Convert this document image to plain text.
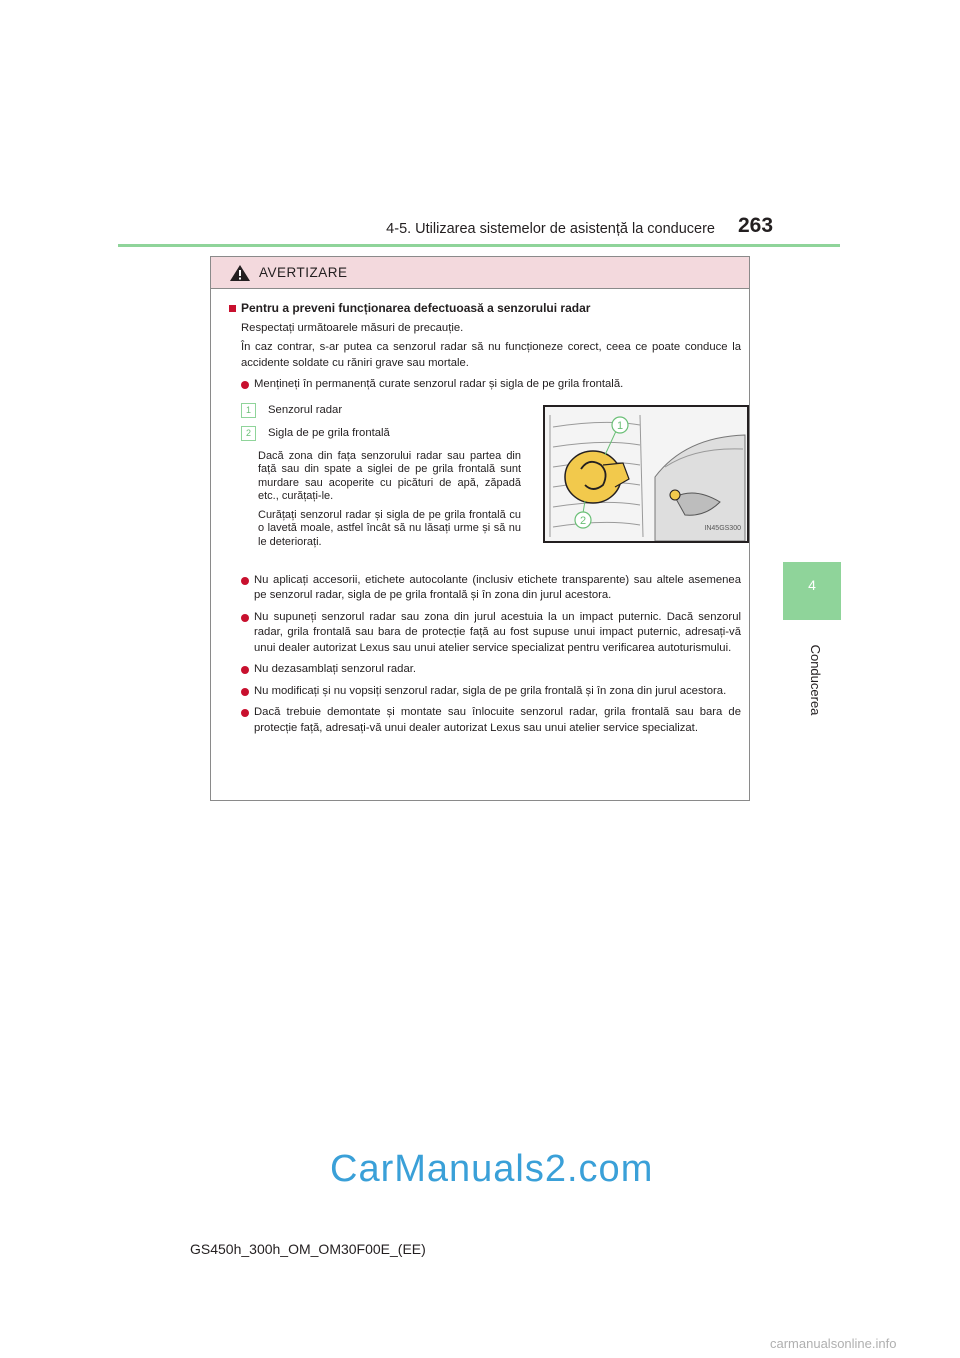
4-5. Utilizarea sistemelor de asistență la conducere 263
4
Conducerea
AVERTIZARE
Pentru a preveni funcționarea defectuoasă a senzorului radar
Respectați următoarele măsuri de precauție.
În caz contrar, s-ar putea ca senzorul radar să nu funcționeze corect, ceea ce poate conduce la accidente soldate cu răniri grave sau mortale.
Mențineți în permanență curate senzorul radar și sigla de pe grila frontală.
1	Senzorul radar
2	Sigla de pe grila frontală
Dacă zona din fața senzorului radar sau partea din față sau din spate a siglei de pe grila frontală sunt murdare sau acoperite cu picături de apă, zăpadă etc., curățați-le.
Curățați senzorul radar și sigla de pe grila frontală cu o lavetă moale, astfel încât să nu lăsați urme și să nu le deteriorați.
1
2
IN45GS300
Nu aplicați accesorii, etichete autocolante (inclusiv etichete transparente) sau altele asemenea pe senzorul radar, sigla de pe grila frontală și în zona din jurul acestora.
Nu supuneți senzorul radar sau zona din jurul acestuia la un impact puternic. Dacă senzorul radar, grila frontală sau bara de protecție față au fost supuse unui impact puternic, adresați-vă unui dealer autorizat Lexus sau unui atelier service specializat pentru verificarea autoturismului.
Nu dezasamblați senzorul radar.
Nu modificați și nu vopsiți senzorul radar, sigla de pe grila frontală și în zona din jurul acestora.
Dacă trebuie demontate și montate sau înlocuite senzorul radar, grila frontală sau bara de protecție față, adresați-vă unui dealer autorizat Lexus sau unui atelier service specializat.
CarManuals2.com
GS450h_300h_OM_OM30F00E_(EE)
carmanualsonline.info
